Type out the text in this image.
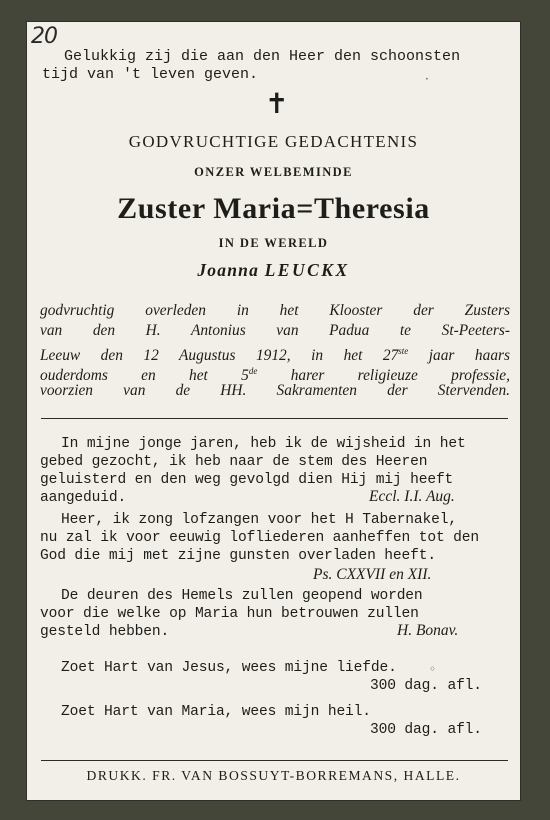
20
Gelukkig zij die aan den Heer den schoonsten
tijd van 't leven geven.	·
✝
GODVRUCHTIGE GEDACHTENIS
ONZER WELBEMINDE
Zuster Maria=Theresia
IN DE WERELD
Joanna LEUCKX
godvruchtig overleden in het Klooster der Zusters
van den H. Antonius van Padua te St-Peeters-
Leeuw den 12 Augustus 1912, in het 27ste jaar haars
ouderdoms en het 5de harer religieuze professie,
voorzien van de HH. Sakramenten der Stervenden.
In mijne jonge jaren, heb ik de wijsheid in het
gebed gezocht, ik heb naar de stem des Heeren
geluisterd en den weg gevolgd dien Hij mij heeft
aangeduid.	Eccl. I.I. Aug.
Heer, ik zong lofzangen voor het H Tabernakel,
nu zal ik voor eeuwig lofliederen aanheffen tot den
God die mij met zijne gunsten overladen heeft.
Ps. CXXVII en XII.
De deuren des Hemels zullen geopend worden
voor die welke op Maria hun betrouwen zullen
gesteld hebben.	H. Bonav.
Zoet Hart van Jesus, wees mijne liefde.	◦
300 dag. afl.
Zoet Hart van Maria, wees mijn heil.
300 dag. afl.
DRUKK. FR. VAN BOSSUYT-BORREMANS, HALLE.
